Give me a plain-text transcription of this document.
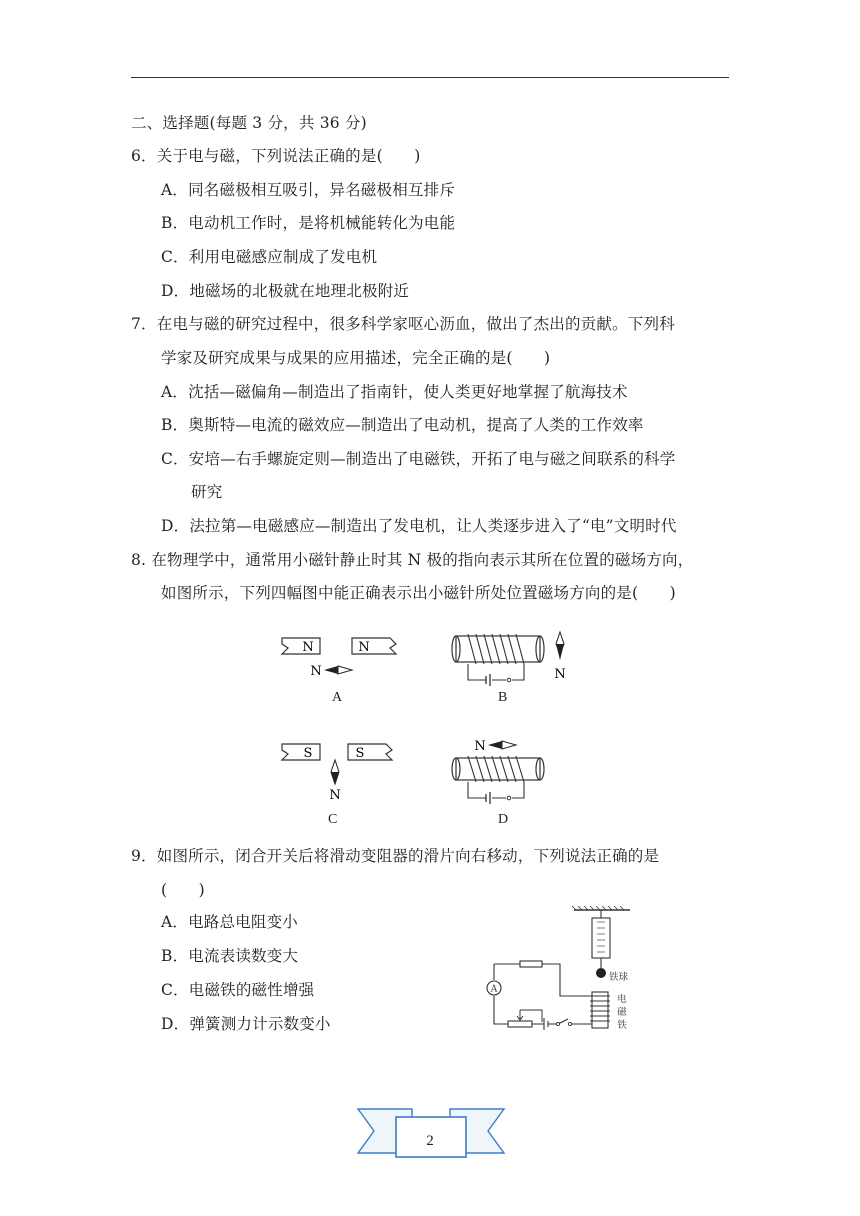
二、选择题(每题 3 分，共 36 分)
6．关于电与磁，下列说法正确的是(　　)
A．同名磁极相互吸引，异名磁极相互排斥
B．电动机工作时，是将机械能转化为电能
C．利用电磁感应制成了发电机
D．地磁场的北极就在地理北极附近
7．在电与磁的研究过程中，很多科学家呕心沥血，做出了杰出的贡献。下列科
学家及研究成果与成果的应用描述，完全正确的是(　　)
A．沈括—磁偏角—制造出了指南针，使人类更好地掌握了航海技术
B．奥斯特—电流的磁效应—制造出了电动机，提高了人类的工作效率
C．安培—右手螺旋定则—制造出了电磁铁，开拓了电与磁之间联系的科学
研究
D．法拉第—电磁感应—制造出了发电机，让人类逐步进入了“电”文明时代
8. 在物理学中，通常用小磁针静止时其 N 极的指向表示其所在位置的磁场方向，
如图所示，下列四幅图中能正确表示出小磁针所处位置磁场方向的是(　　)
N	N
N
A
N
B
S	S
N
C
N
D
9．如图所示，闭合开关后将滑动变阻器的滑片向右移动，下列说法正确的是
(　　)
A．电路总电阻变小
B．电流表读数变大
C．电磁铁的磁性增强
D．弹簧测力计示数变小
铁球
A
电
磁
铁
2
